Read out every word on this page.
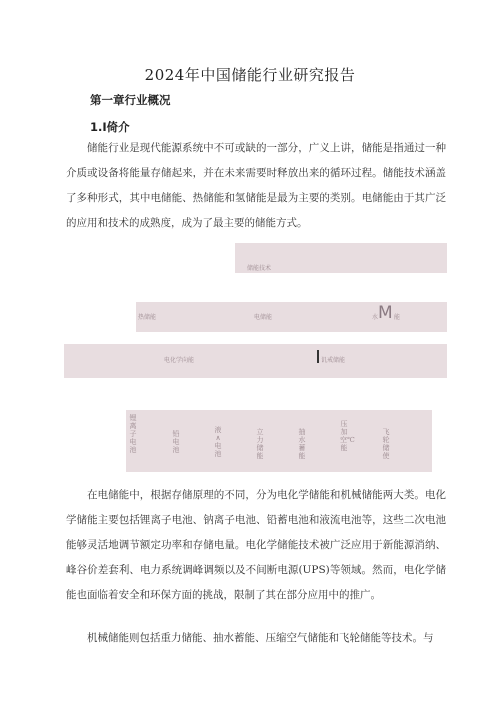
2024年中国储能行业研究报告
第一章行业概况
1.I倚介

储能行业是现代能源系统中不可或缺的一部分，广义上讲，储能是指通过一种介质或设备将能量存储起来，并在未来需要时释放出来的循环过程。储能技术涵盖了多种形式，其中电储能、热储能和氢储能是最为主要的类别。电储能由于其广泛的应用和技术的成熟度，成为了最主要的储能方式。

储能技术
热储能	电储能	水 M 能
电化学向能	讥戒储能
锂离子电池
铅电池
液∧电池
立力储能
抽水蓄能
压加空℃能
飞轮储使

在电储能中，根据存储原理的不同，分为电化学储能和机械储能两大类。电化学储能主要包括锂离子电池、钠离子电池、铅蓄电池和液流电池等，这些二次电池能够灵活地调节额定功率和存储电量。电化学储能技术被广泛应用于新能源消纳、峰谷价差套利、电力系统调峰调频以及不间断电源(UPS)等领域。然而，电化学储能也面临着安全和环保方面的挑战，限制了其在部分应用中的推广。

机械储能则包括重力储能、抽水蓄能、压缩空气储能和飞轮储能等技术。与
